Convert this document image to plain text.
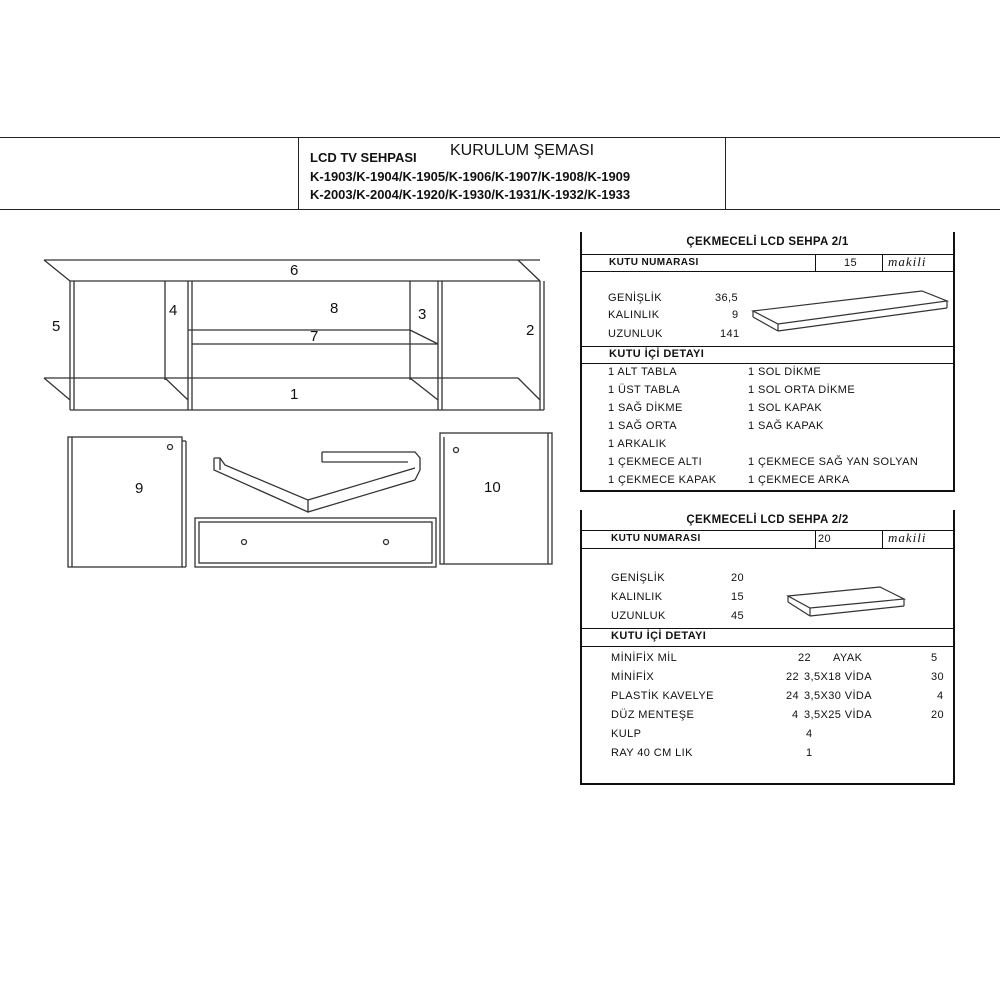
KURULUM ŞEMASI
LCD TV SEHPASI
K-1903/K-1904/K-1905/K-1906/K-1907/K-1908/K-1909
K-2003/K-2004/K-1920/K-1930/K-1931/K-1932/K-1933
6
5
4	8	3
2
7
1
9	10
ÇEKMECELİ LCD SEHPA 2/1
KUTU NUMARASI	15 makili
GENİŞLİK	36,5
KALINLIK	9
UZUNLUK	141
KUTU İÇİ DETAYI
1 ALT TABLA	1 SOL DİKME
1 ÜST TABLA	1 SOL ORTA DİKME
1 SAĞ DİKME	1 SOL KAPAK
1 SAĞ ORTA	1 SAĞ KAPAK
1 ARKALIK
1 ÇEKMECE ALTI	1 ÇEKMECE SAĞ YAN SOLYAN
1 ÇEKMECE KAPAK	1 ÇEKMECE ARKA
ÇEKMECELİ LCD SEHPA 2/2
KUTU NUMARASI	20	makili
GENİŞLİK	20
KALINLIK	15
UZUNLUK	45
KUTU İÇİ DETAYI
MİNİFİX MİL	22 AYAK	5
MİNİFİX	22 3,5X18 VİDA	30
PLASTİK KAVELYE	24 3,5X30 VİDA	4
DÜZ MENTEŞE	4 3,5X25 VİDA	20
KULP	4
RAY 40 CM LIK	1
